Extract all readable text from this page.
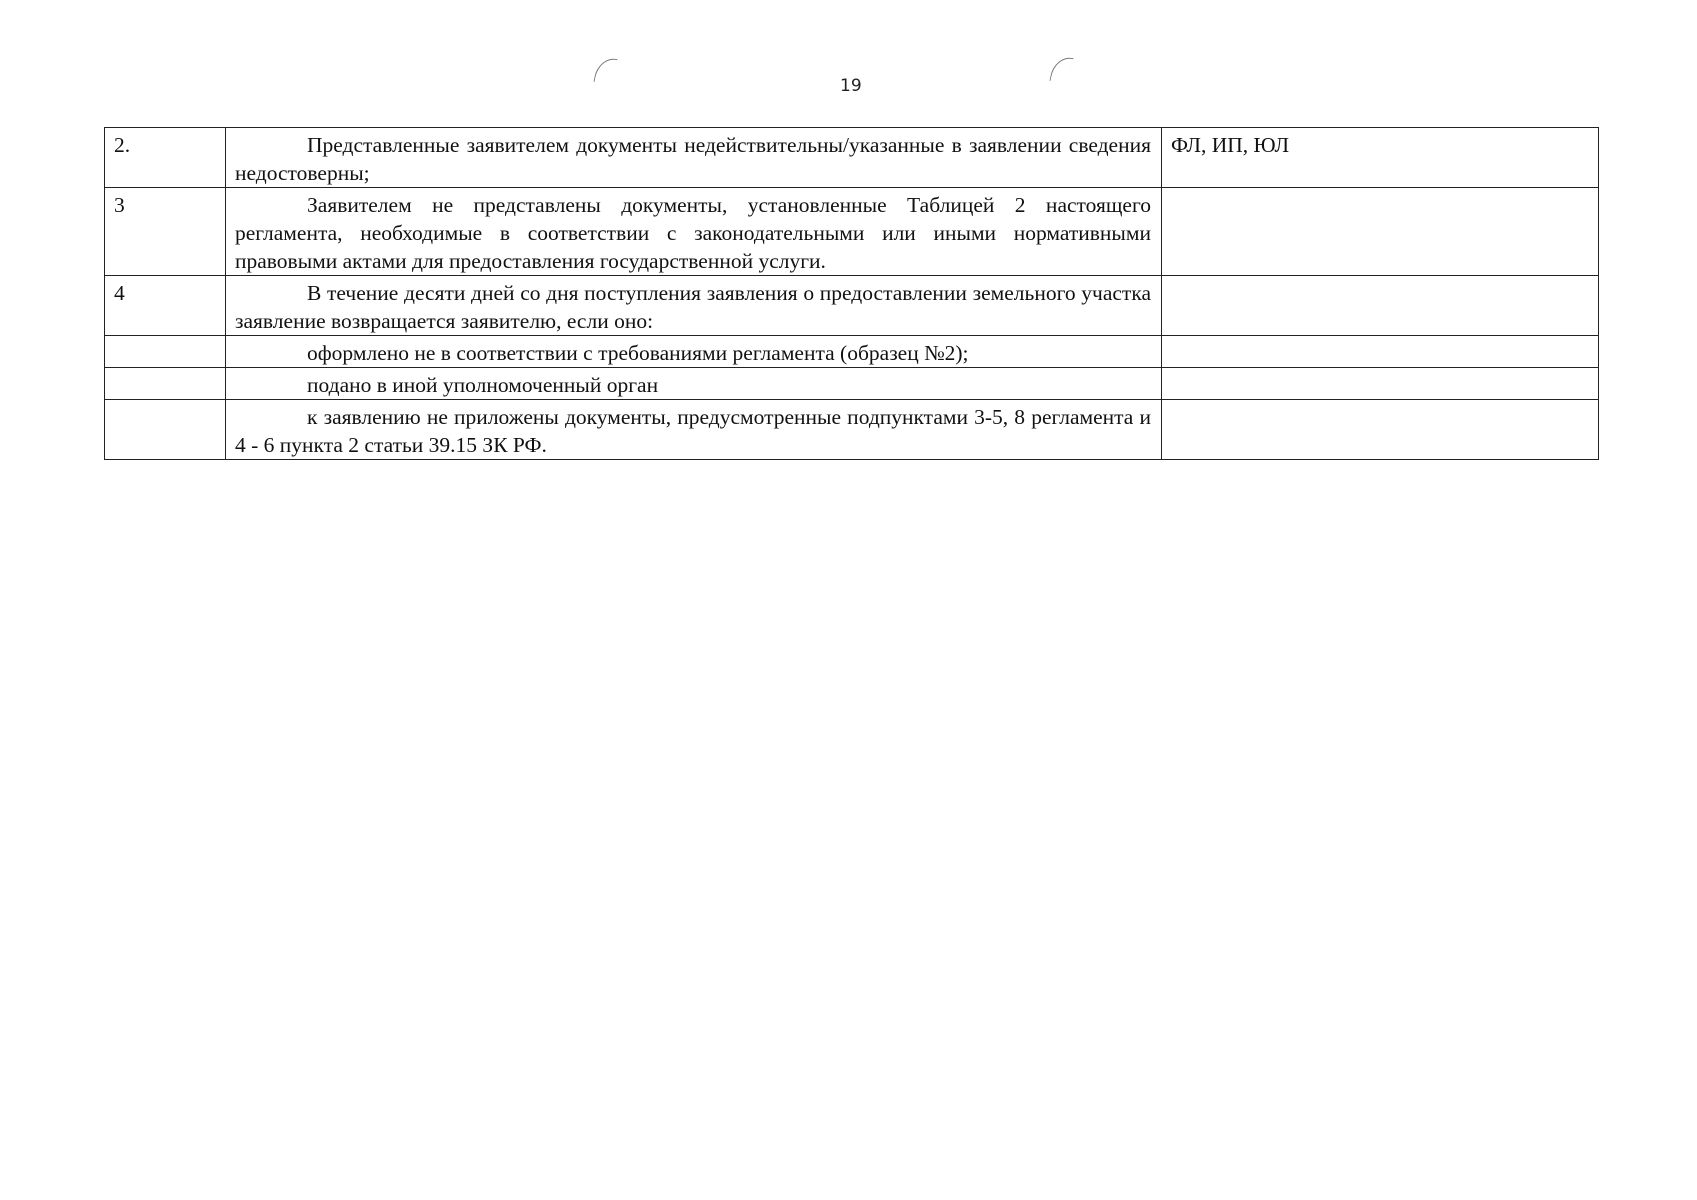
19
2.	Представленные заявителем документы недействительны/указанные в заявлении сведения недостоверны;	ФЛ, ИП, ЮЛ
3	Заявителем не представлены документы, установленные Таблицей 2 настоящего регламента, необходимые в соответствии с законодательными или иными нормативными правовыми актами для предоставления государственной услуги.	
4	В течение десяти дней со дня поступления заявления о предоставлении земельного участка заявление возвращается заявителю, если оно:	
	оформлено не в соответствии с требованиями регламента (образец №2);	
	подано в иной уполномоченный орган	
	к заявлению не приложены документы, предусмотренные подпунктами 3-5, 8 регламента и 4 - 6 пункта 2 статьи 39.15 ЗК РФ.	
